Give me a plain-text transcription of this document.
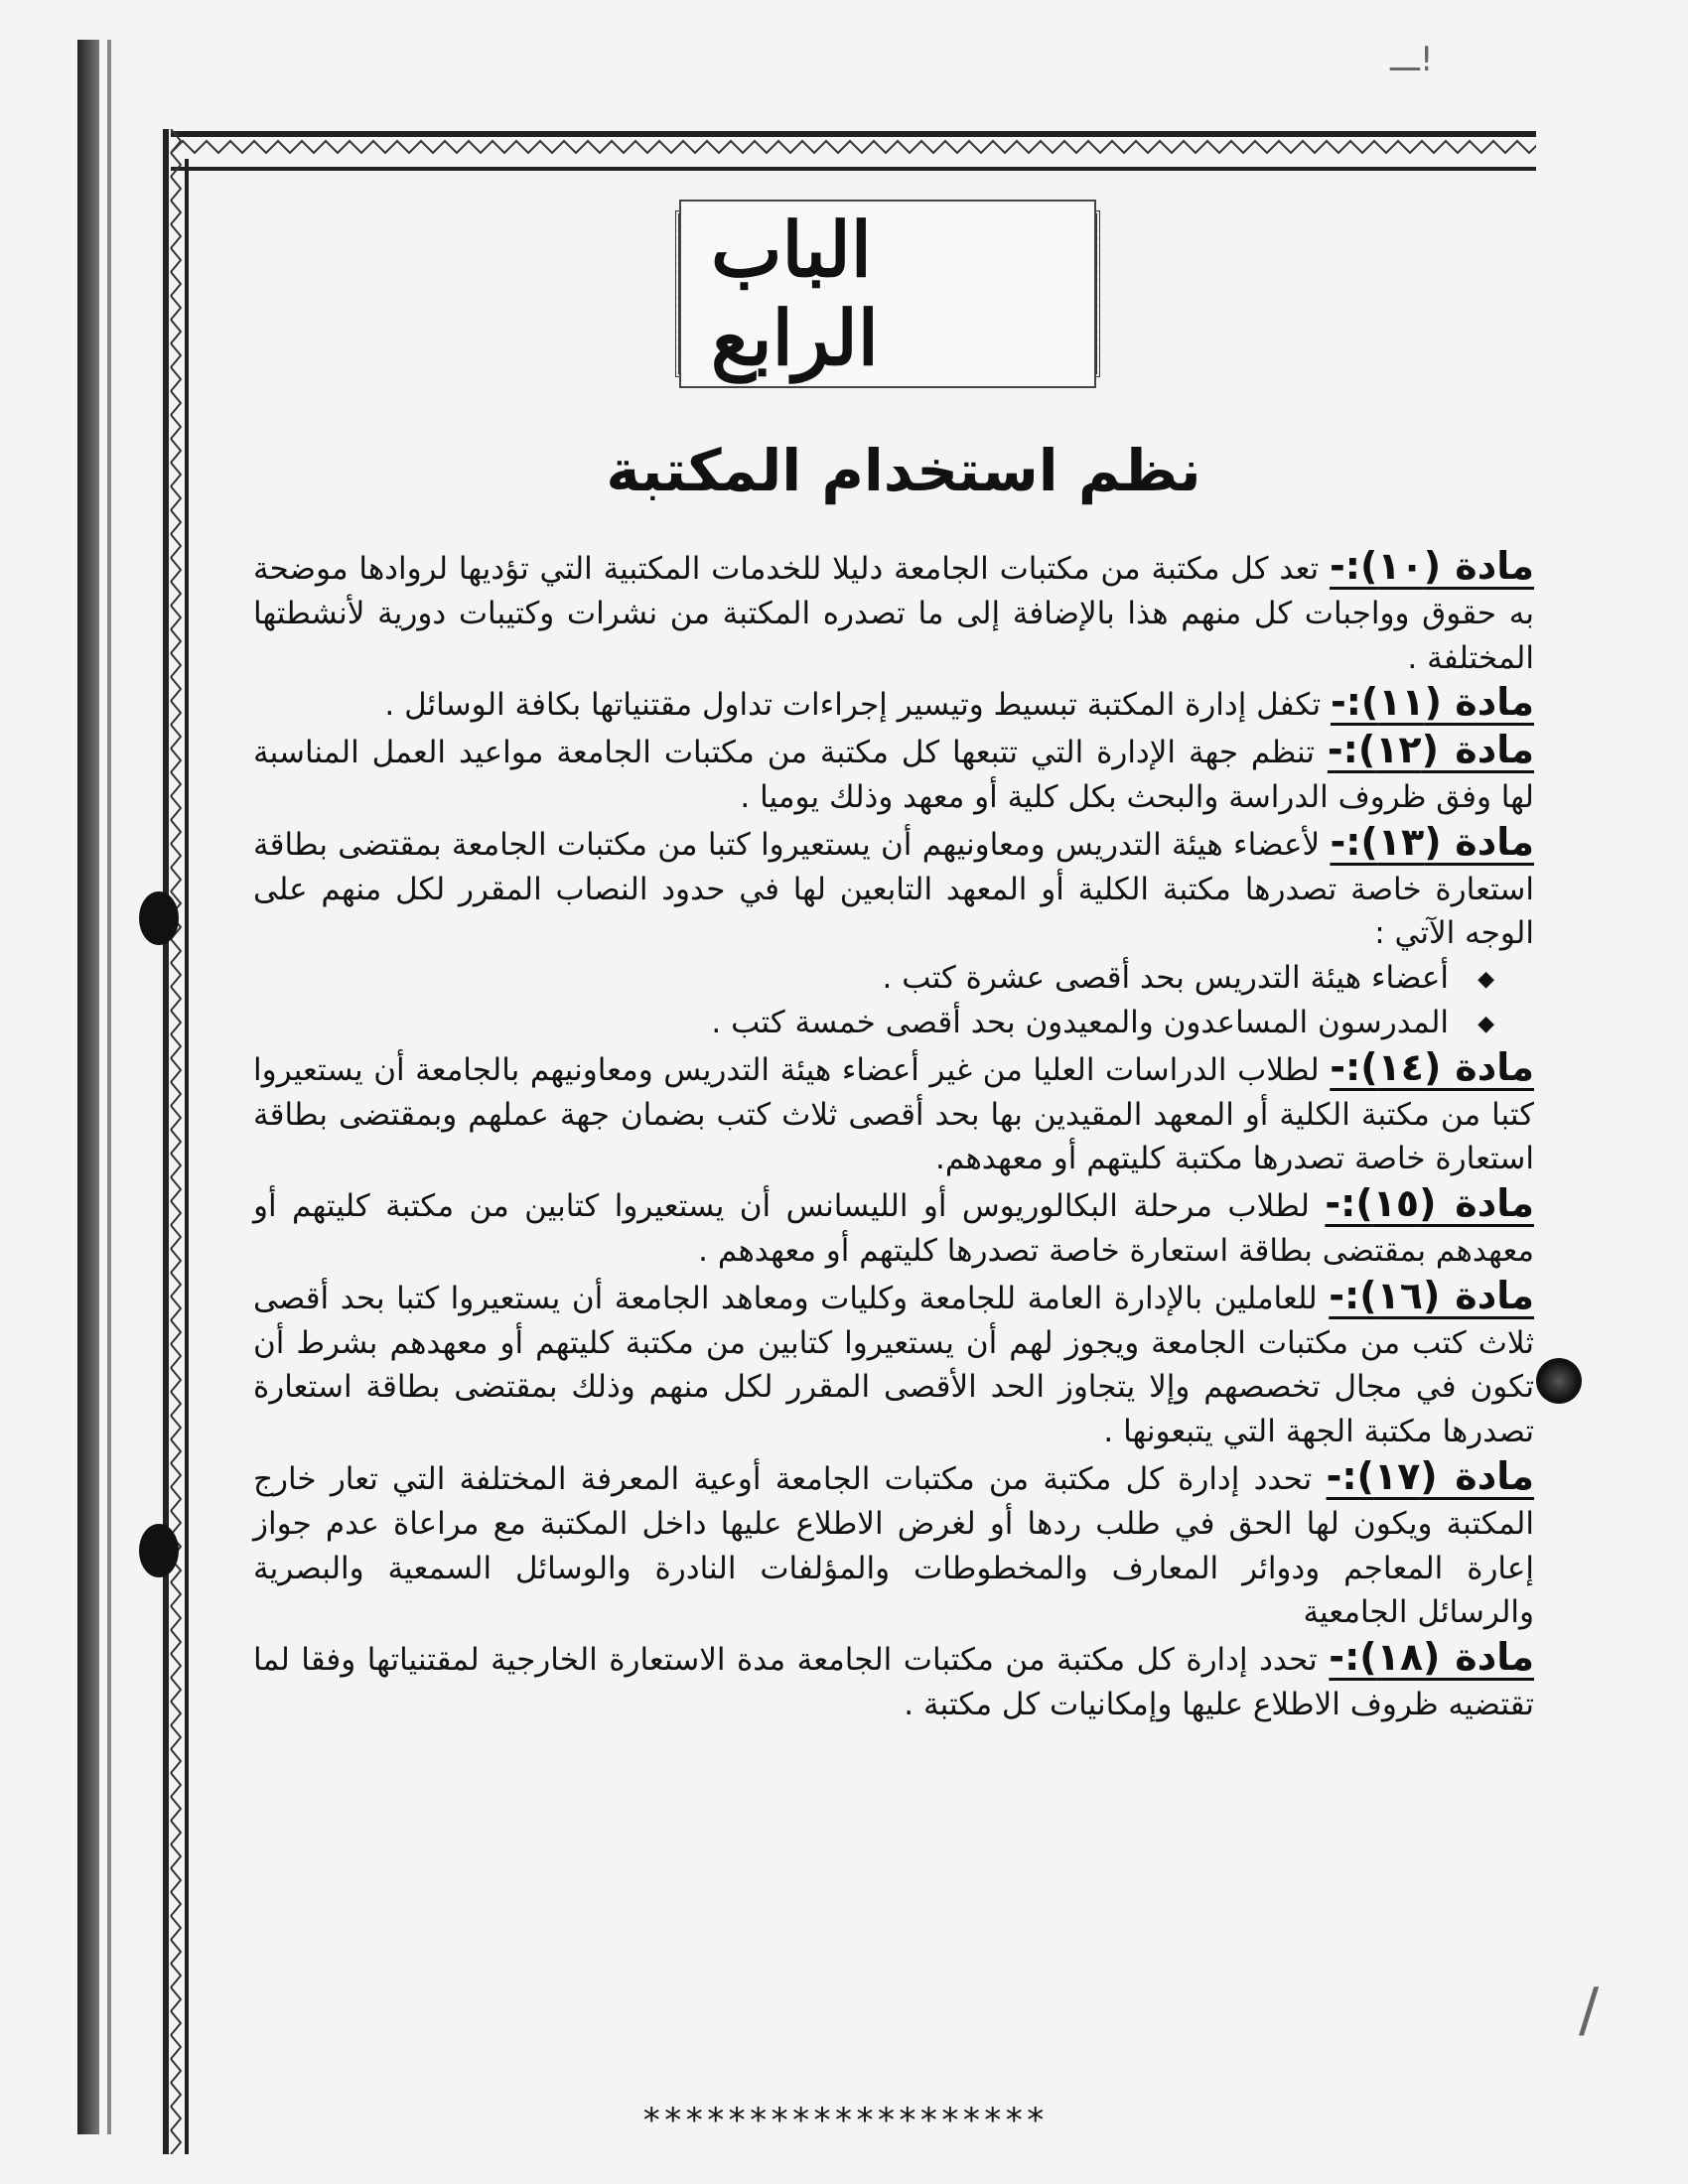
ـــ!
/
الباب الرابع
نظم استخدام المكتبة

مادة (١٠):- تعد كل مكتبة من مكتبات الجامعة دليلا للخدمات المكتبية التي تؤديها لروادها موضحة به حقوق وواجبات كل منهم هذا بالإضافة إلى ما تصدره المكتبة من نشرات وكتيبات دورية لأنشطتها المختلفة .

مادة (١١):- تكفل إدارة المكتبة تبسيط وتيسير إجراءات تداول مقتنياتها بكافة الوسائل .

مادة (١٢):- تنظم جهة الإدارة التي تتبعها كل مكتبة من مكتبات الجامعة مواعيد العمل المناسبة لها وفق ظروف الدراسة والبحث بكل كلية أو معهد وذلك يوميا .

مادة (١٣):- لأعضاء هيئة التدريس ومعاونيهم أن يستعيروا كتبا من مكتبات الجامعة بمقتضى بطاقة استعارة خاصة تصدرها مكتبة الكلية أو المعهد التابعين لها في حدود النصاب المقرر لكل منهم على الوجه الآتي :

◆ أعضاء هيئة التدريس بحد أقصى عشرة كتب .
◆ المدرسون المساعدون والمعيدون بحد أقصى خمسة كتب .

مادة (١٤):- لطلاب الدراسات العليا من غير أعضاء هيئة التدريس ومعاونيهم بالجامعة أن يستعيروا كتبا من مكتبة الكلية أو المعهد المقيدين بها بحد أقصى ثلاث كتب بضمان جهة عملهم وبمقتضى بطاقة استعارة خاصة تصدرها مكتبة كليتهم أو معهدهم.

مادة (١٥):- لطلاب مرحلة البكالوريوس أو الليسانس أن يستعيروا كتابين من مكتبة كليتهم أو معهدهم بمقتضى بطاقة استعارة خاصة تصدرها كليتهم أو معهدهم .

مادة (١٦):- للعاملين بالإدارة العامة للجامعة وكليات ومعاهد الجامعة أن يستعيروا كتبا بحد أقصى ثلاث كتب من مكتبات الجامعة ويجوز لهم أن يستعيروا كتابين من مكتبة كليتهم أو معهدهم بشرط أن تكون في مجال تخصصهم وإلا يتجاوز الحد الأقصى المقرر لكل منهم وذلك بمقتضى بطاقة استعارة تصدرها مكتبة الجهة التي يتبعونها .

مادة (١٧):- تحدد إدارة كل مكتبة من مكتبات الجامعة أوعية المعرفة المختلفة التي تعار خارج المكتبة ويكون لها الحق في طلب ردها أو لغرض الاطلاع عليها داخل المكتبة مع مراعاة عدم جواز إعارة المعاجم ودوائر المعارف والمخطوطات والمؤلفات النادرة والوسائل السمعية والبصرية والرسائل الجامعية

مادة (١٨):- تحدد إدارة كل مكتبة من مكتبات الجامعة مدة الاستعارة الخارجية لمقتنياتها وفقا لما تقتضيه ظروف الاطلاع عليها وإمكانيات كل مكتبة .

*******************
